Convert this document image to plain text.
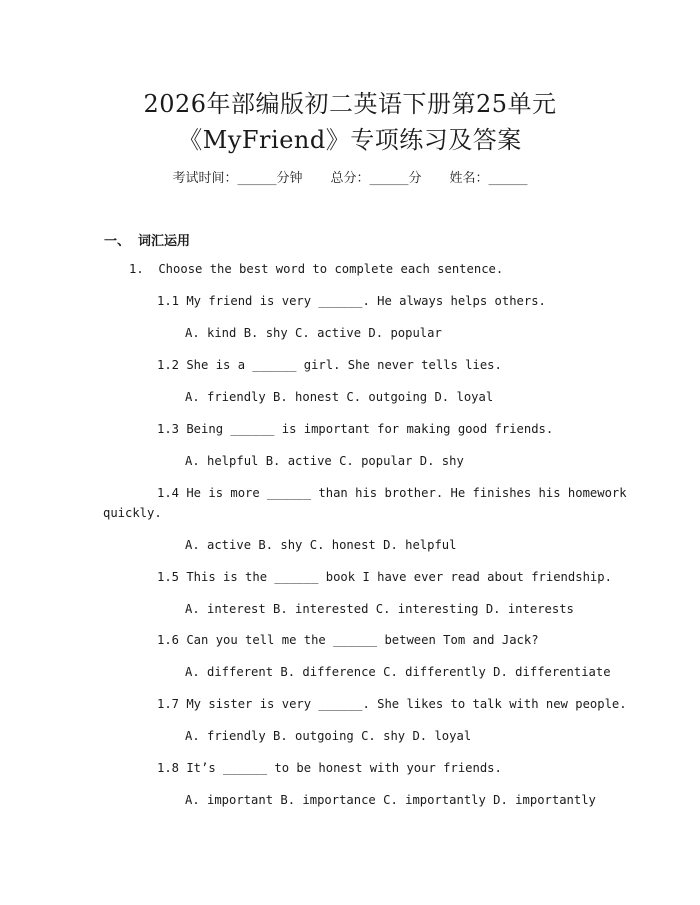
2026年部编版初二英语下册第25单元
《MyFriend》专项练习及答案
考试时间：______分钟 总分：______分 姓名：______
一、 词汇运用
1.  Choose the best word to complete each sentence.
1.1 My friend is very ______. He always helps others.
A. kind B. shy C. active D. popular
1.2 She is a ______ girl. She never tells lies.
A. friendly B. honest C. outgoing D. loyal
1.3 Being ______ is important for making good friends.
A. helpful B. active C. popular D. shy
1.4 He is more ______ than his brother. He finishes his homework
quickly.
A. active B. shy C. honest D. helpful
1.5 This is the ______ book I have ever read about friendship.
A. interest B. interested C. interesting D. interests
1.6 Can you tell me the ______ between Tom and Jack?
A. different B. difference C. differently D. differentiate
1.7 My sister is very ______. She likes to talk with new people.
A. friendly B. outgoing C. shy D. loyal
1.8 It’s ______ to be honest with your friends.
A. important B. importance C. importantly D. importantly
